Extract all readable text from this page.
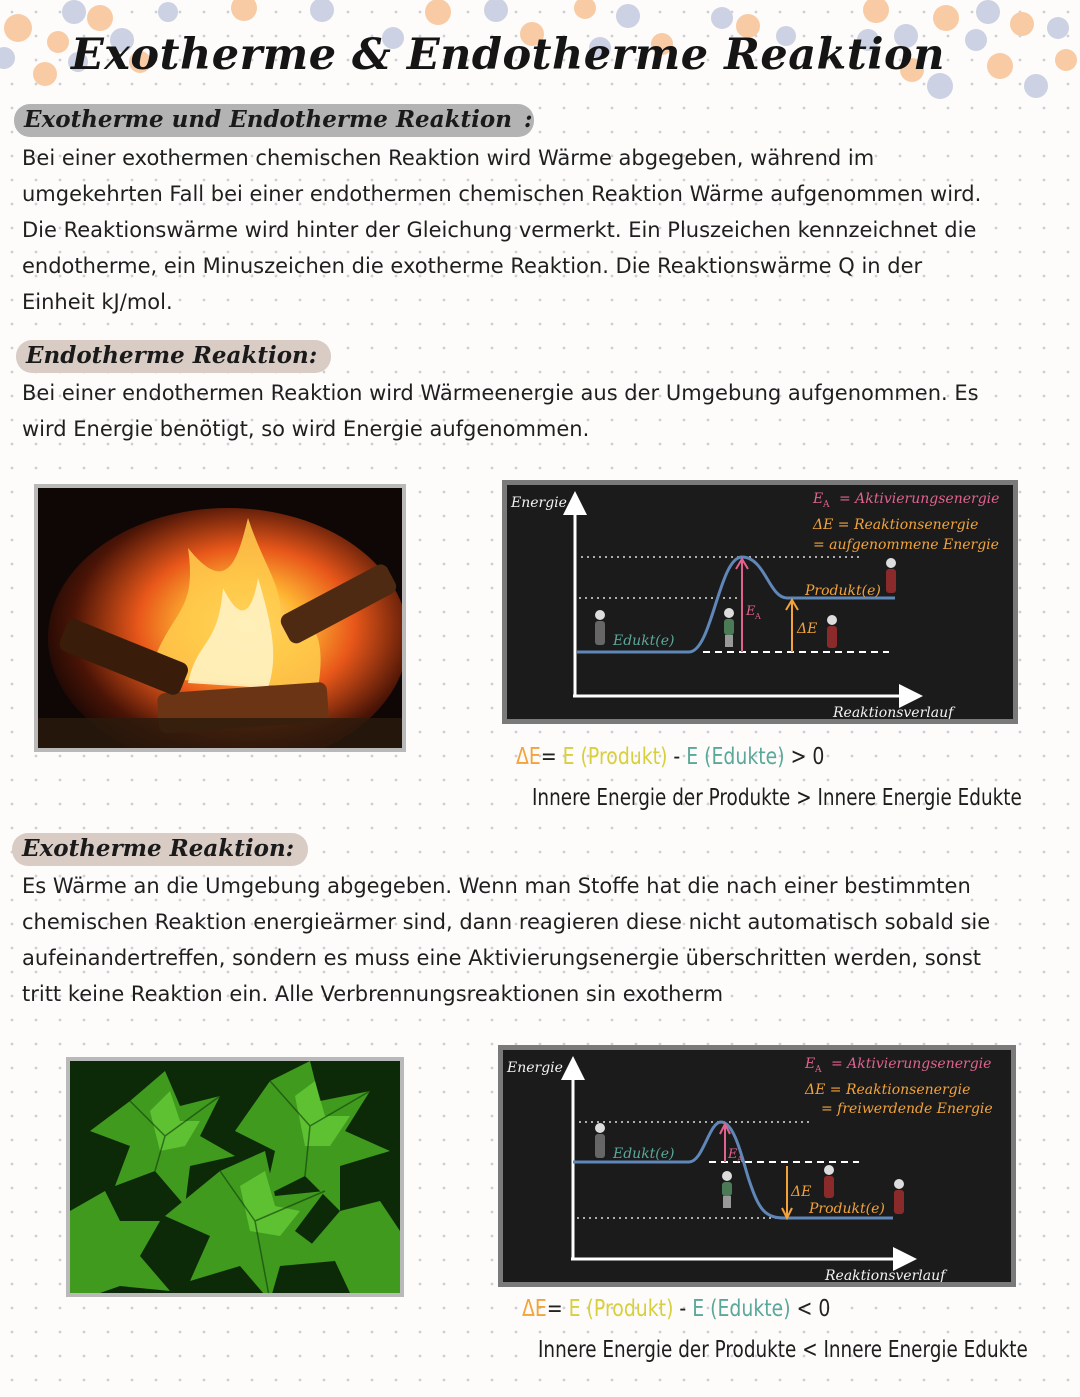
Exotherme & Endotherme Reaktion
Exotherme und Endotherme Reaktion :
Bei einer exothermen chemischen Reaktion wird Wärme abgegeben, während im
umgekehrten Fall bei einer endothermen chemischen Reaktion Wärme aufgenommen wird.
Die Reaktionswärme wird hinter der Gleichung vermerkt. Ein Pluszeichen kennzeichnet die
endotherme, ein Minuszeichen die exotherme Reaktion. Die Reaktionswärme Q in der
Einheit kJ/mol.
Endotherme Reaktion:
Bei einer endothermen Reaktion wird Wärmeenergie aus der Umgebung aufgenommen. Es
wird Energie benötigt, so wird Energie aufgenommen.
Energie
Reaktionsverlauf
E A = Aktivierungsenergie
ΔE = Reaktionsenergie
= aufgenommene Energie
Edukt(e)
Produkt(e)
E A
ΔE
ΔE= E (Produkt) - E (Edukte) > 0
Innere Energie der Produkte > Innere Energie Edukte
Exotherme Reaktion:
Es Wärme an die Umgebung abgegeben. Wenn man Stoffe hat die nach einer bestimmten
chemischen Reaktion energieärmer sind, dann reagieren diese nicht automatisch sobald sie
aufeinandertreffen, sondern es muss eine Aktivierungsenergie überschritten werden, sonst
tritt keine Reaktion ein. Alle Verbrennungsreaktionen sin exotherm
Energie
Reaktionsverlauf
E A = Aktivierungsenergie
ΔE = Reaktionsenergie
= freiwerdende Energie
Edukt(e)
Produkt(e)
E A
ΔE
ΔE= E (Produkt) - E (Edukte) < 0
Innere Energie der Produkte < Innere Energie Edukte
